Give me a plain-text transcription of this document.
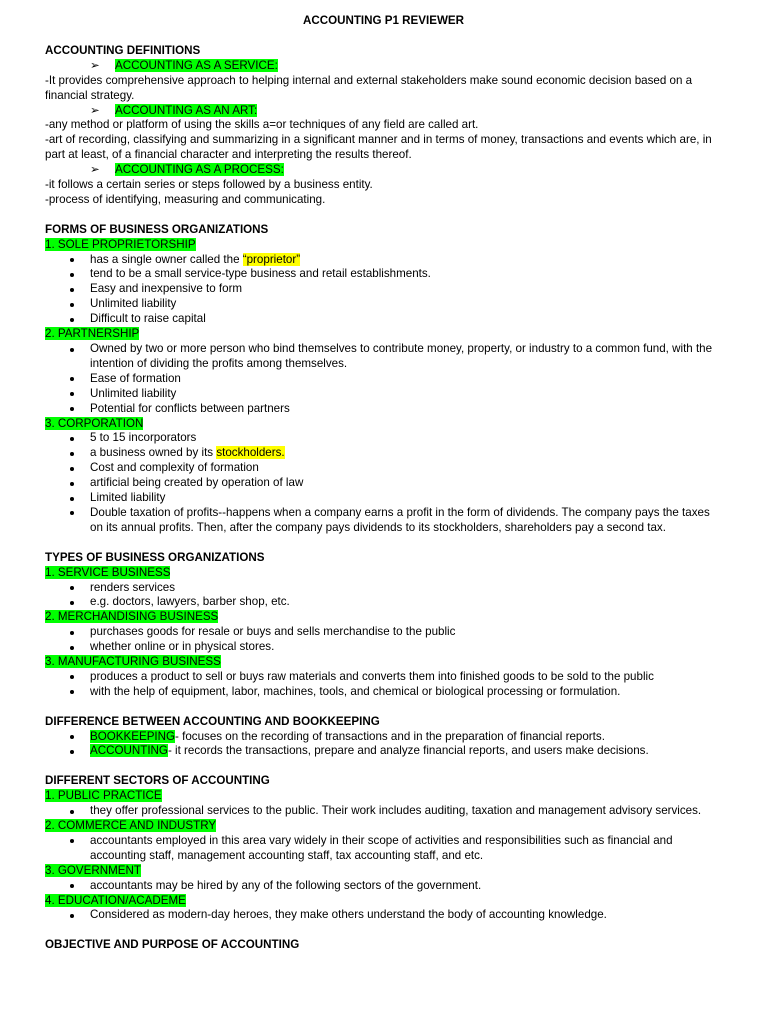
ACCOUNTING P1 REVIEWER
ACCOUNTING DEFINITIONS
➢ ACCOUNTING AS A SERVICE:

-It provides comprehensive approach to helping internal and external stakeholders make sound economic decision based on a financial strategy.

➢ ACCOUNTING AS AN ART:

-any method or platform of using the skills a=or techniques of any field are called art.

-art of recording, classifying and summarizing in a significant manner and in terms of money, transactions and events which are, in part at least, of a financial character and interpreting the results thereof.

➢ ACCOUNTING AS A PROCESS:

-it follows a certain series or steps followed by a business entity.

-process of identifying, measuring and communicating.

FORMS OF BUSINESS ORGANIZATIONS
1. SOLE PROPRIETORSHIP
has a single owner called the “proprietor”
tend to be a small service-type business and retail establishments.
Easy and inexpensive to form
Unlimited liability
Difficult to raise capital
2. PARTNERSHIP
Owned by two or more person who bind themselves to contribute money, property, or industry to a common fund, with the intention of dividing the profits among themselves.
Ease of formation
Unlimited liability
Potential for conflicts between partners
3. CORPORATION
5 to 15 incorporators
a business owned by its stockholders.
Cost and complexity of formation
artificial being created by operation of law
Limited liability
Double taxation of profits--happens when a company earns a profit in the form of dividends. The company pays the taxes on its annual profits. Then, after the company pays dividends to its stockholders, shareholders pay a second tax.
TYPES OF BUSINESS ORGANIZATIONS
1. SERVICE BUSINESS
renders services
e.g. doctors, lawyers, barber shop, etc.
2. MERCHANDISING BUSINESS
purchases goods for resale or buys and sells merchandise to the public
whether online or in physical stores.
3. MANUFACTURING BUSINESS
produces a product to sell or buys raw materials and converts them into finished goods to be sold to the public
with the help of equipment, labor, machines, tools, and chemical or biological processing or formulation.
DIFFERENCE BETWEEN ACCOUNTING AND BOOKKEEPING
BOOKKEEPING- focuses on the recording of transactions and in the preparation of financial reports.
ACCOUNTING- it records the transactions, prepare and analyze financial reports, and users make decisions.
DIFFERENT SECTORS OF ACCOUNTING
1. PUBLIC PRACTICE
they offer professional services to the public. Their work includes auditing, taxation and management advisory services.
2. COMMERCE AND INDUSTRY
accountants employed in this area vary widely in their scope of activities and responsibilities such as financial and accounting staff, management accounting staff, tax accounting staff, and etc.
3. GOVERNMENT
accountants may be hired by any of the following sectors of the government.
4. EDUCATION/ACADEME
Considered as modern-day heroes, they make others understand the body of accounting knowledge.
OBJECTIVE AND PURPOSE OF ACCOUNTING
